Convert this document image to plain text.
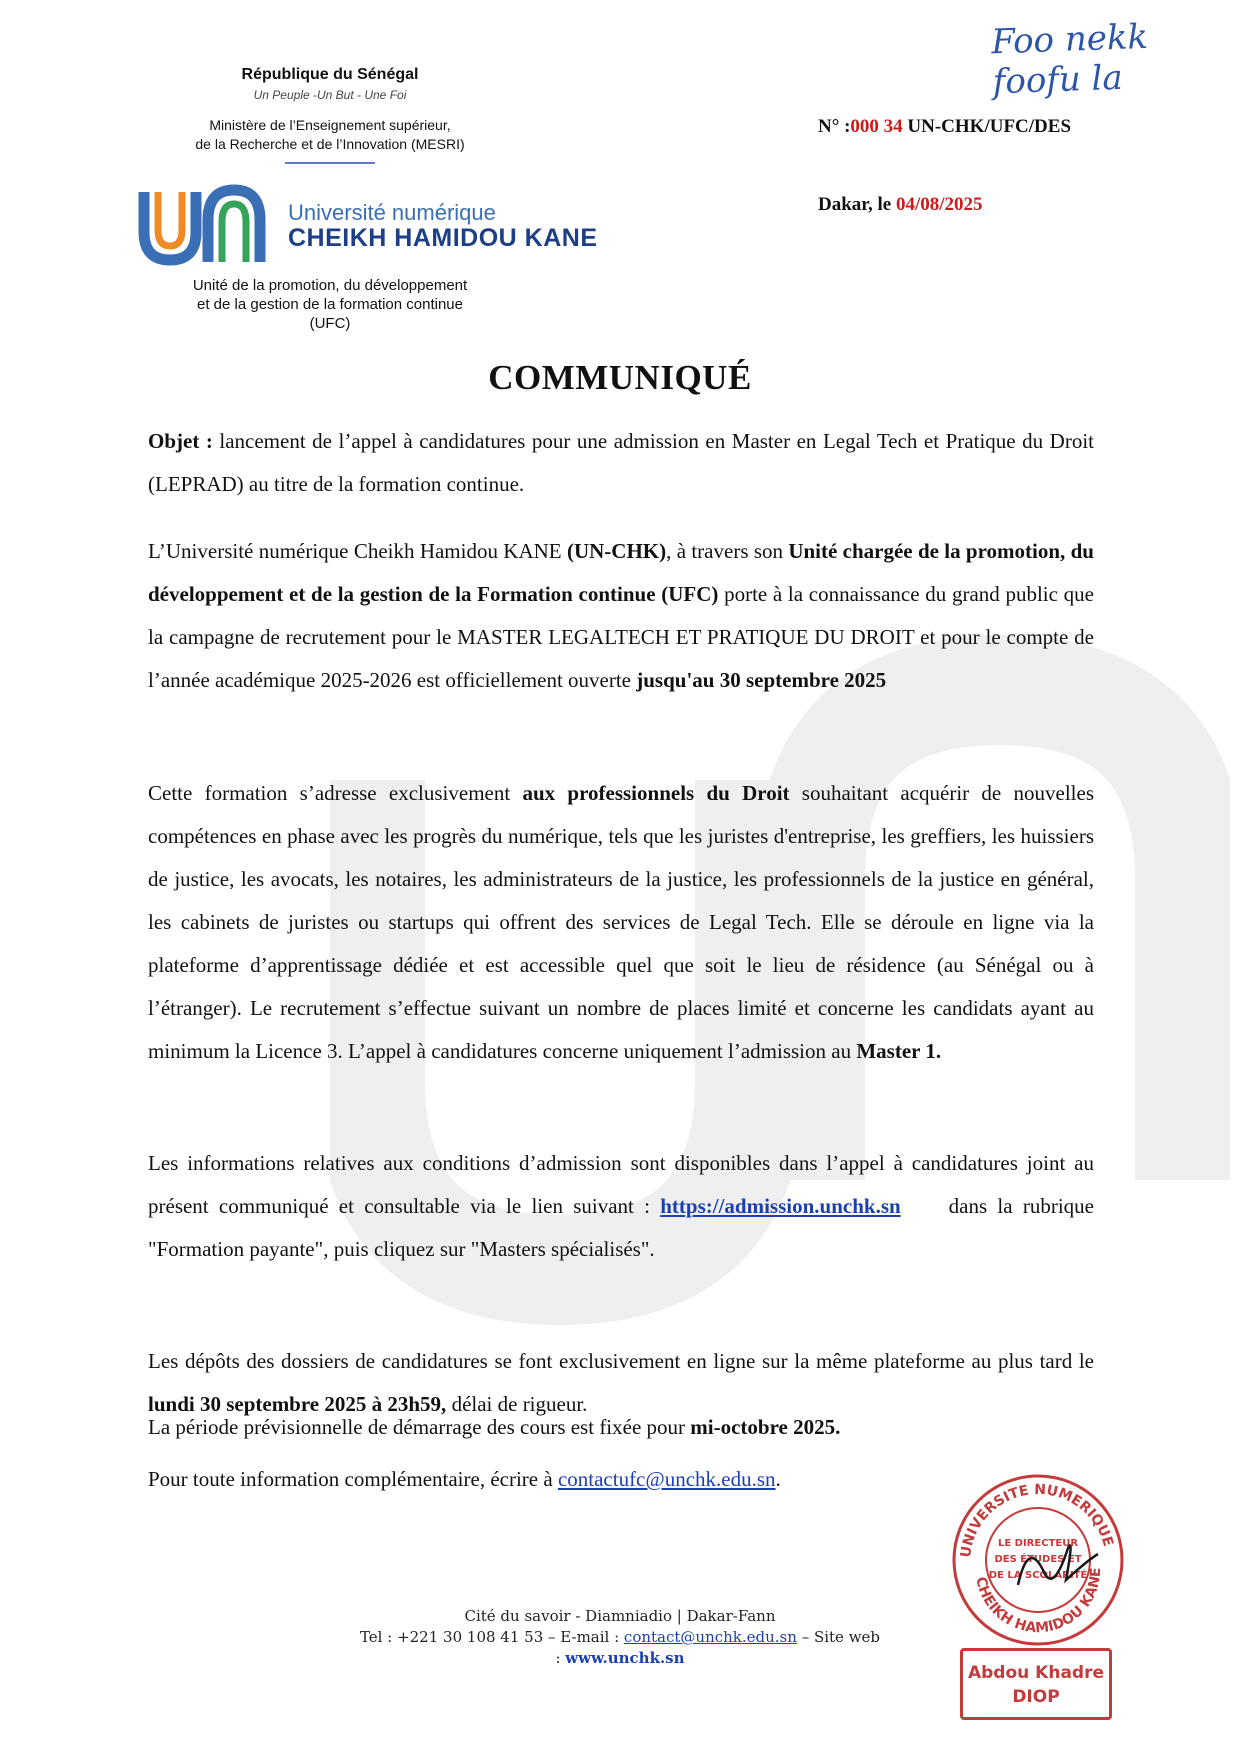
Foo nekk foofu la
République du Sénégal
Un Peuple -Un But - Une Foi
Ministère de l’Enseignement supérieur,
de la Recherche et de l’Innovation (MESRI)
Université numérique
CHEIKH HAMIDOU KANE
Unité de la promotion, du développement
et de la gestion de la formation continue
(UFC)
N° :000 34 UN-CHK/UFC/DES
Dakar, le 04/08/2025
COMMUNIQUÉ
Objet : lancement de l’appel à candidatures pour une admission en Master en Legal Tech et Pratique du Droit (LEPRAD) au titre de la formation continue.
L’Université numérique Cheikh Hamidou KANE (UN-CHK), à travers son Unité chargée de la promotion, du développement et de la gestion de la Formation continue (UFC) porte à la connaissance du grand public que la campagne de recrutement pour le MASTER LEGALTECH ET PRATIQUE DU DROIT et pour le compte de l’année académique 2025-2026 est officiellement ouverte jusqu'au 30 septembre 2025
Cette formation s’adresse exclusivement aux professionnels du Droit souhaitant acquérir de nouvelles compétences en phase avec les progrès du numérique, tels que les juristes d'entreprise, les greffiers, les huissiers de justice, les avocats, les notaires, les administrateurs de la justice, les professionnels de la justice en général, les cabinets de juristes ou startups qui offrent des services de Legal Tech. Elle se déroule en ligne via la plateforme d’apprentissage dédiée et est accessible quel que soit le lieu de résidence (au Sénégal ou à l’étranger). Le recrutement s’effectue suivant un nombre de places limité et concerne les candidats ayant au minimum la Licence 3. L’appel à candidatures concerne uniquement l’admission au Master 1.
Les informations relatives aux conditions d’admission sont disponibles dans l’appel à candidatures joint au présent communiqué et consultable via le lien suivant : https://admission.unchk.sn dans la rubrique "Formation payante", puis cliquez sur "Masters spécialisés".
Les dépôts des dossiers de candidatures se font exclusivement en ligne sur la même plateforme au plus tard le lundi 30 septembre 2025 à 23h59, délai de rigueur.
La période prévisionnelle de démarrage des cours est fixée pour mi-octobre 2025.
Pour toute information complémentaire, écrire à contactufc@unchk.edu.sn.
UNIVERSITE NUMERIQUE
CHEIKH HAMIDOU KANE
LE DIRECTEUR
DES ÉTUDES ET
DE LA SCOLARITÉ
Abdou Khadre
DIOP
Cité du savoir - Diamniadio | Dakar-Fann
Tel : +221 30 108 41 53 – E-mail : contact@unchk.edu.sn – Site web
: www.unchk.sn
